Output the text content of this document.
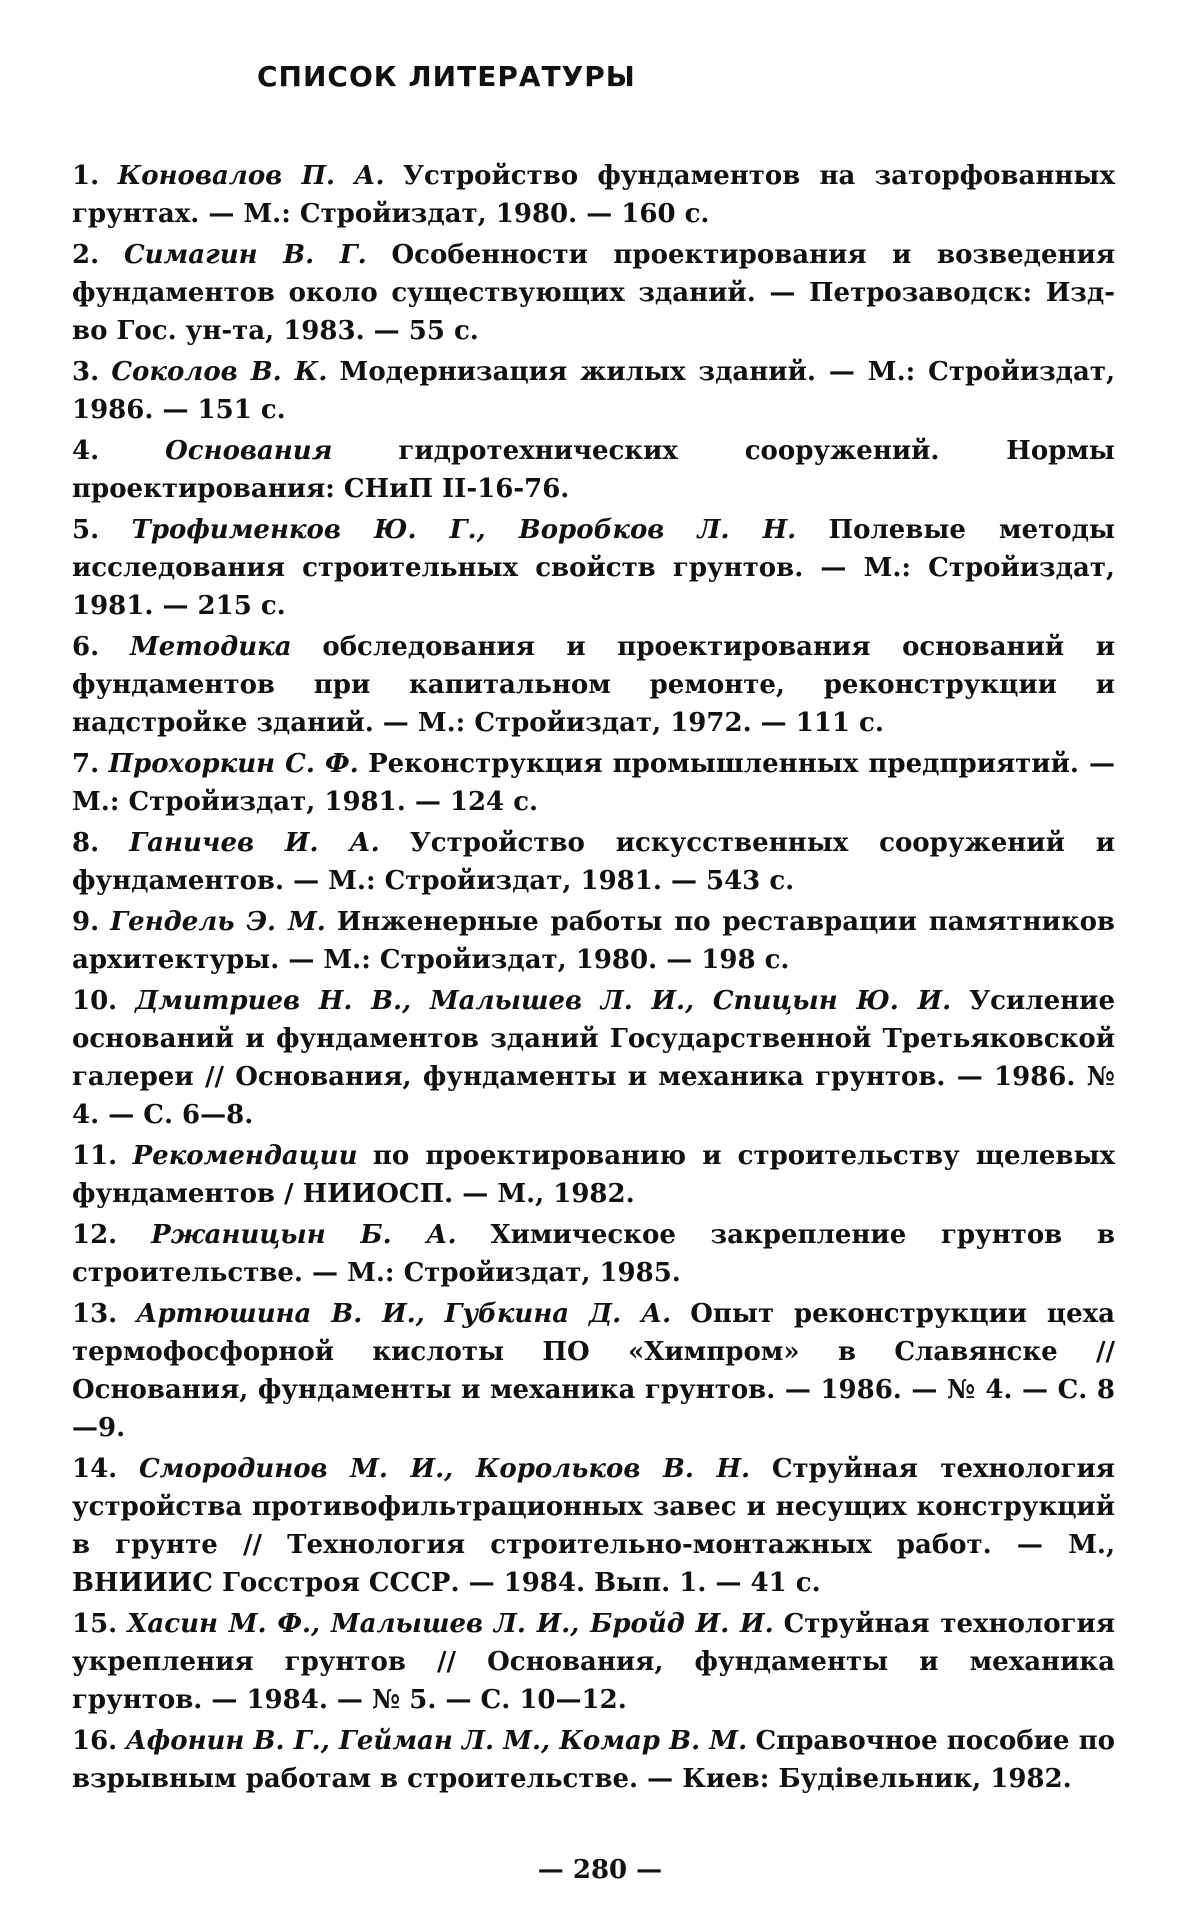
СПИСОК ЛИТЕРАТУРЫ
1. Коновалов П. А. Устройство фундаментов на заторфованных грунтах. — М.: Стройиздат, 1980. — 160 с.
2. Симагин В. Г. Особенности проектирования и возведения фундаментов около существующих зданий. — Петрозаводск: Изд-во Гос. ун-та, 1983. — 55 с.
3. Соколов В. К. Модернизация жилых зданий. — М.: Стройиздат, 1986. — 151 с.
4.	Основания	гидротехнических сооружений. Нормы проектирования: СНиП II-16-76.
5. Трофименков Ю. Г., Воробков Л. Н. Полевые методы исследования строительных свойств грунтов. — М.: Стройиздат, 1981. — 215 с.
6. Методика обследования и проектирования оснований и фундаментов при капитальном ремонте, реконструкции и надстройке зданий. — М.: Стройиздат, 1972. — 111 с.
7. Прохоркин С. Ф. Реконструкция промышленных предприятий. — М.: Стройиздат, 1981. — 124 с.
8. Ганичев И. А. Устройство искусственных сооружений и фундаментов. — М.: Стройиздат, 1981. — 543 с.
9. Гендель Э. М. Инженерные работы по реставрации памятников архитектуры. — М.: Стройиздат, 1980. — 198 с.
10. Дмитриев Н. В., Малышев Л. И., Спицын Ю. И. Усиление оснований и фундаментов зданий Государственной Третьяковской галереи // Основания, фундаменты и механика грунтов. — 1986. № 4. — С. 6—8.
11. Рекомендации по проектированию и строительству щелевых фундаментов / НИИОСП. — М., 1982.
12. Ржаницын Б. А. Химическое закрепление грунтов в строительстве. — М.: Стройиздат, 1985.
13. Артюшина В. И., Губкина Д. А. Опыт реконструкции цеха термофосфорной кислоты ПО «Химпром» в Славянске // Основания, фундаменты и механика грунтов. — 1986. — № 4. — С. 8—9.
14. Смородинов М. И., Корольков В. Н. Струйная технология устройства противофильтрационных завес и несущих конструкций в грунте // Технология строительно-монтажных работ. — М., ВНИИИС Госстроя СССР. — 1984. Вып. 1. — 41 с.
15. Хасин М. Ф., Малышев Л. И., Бройд И. И. Струйная технология укрепления грунтов // Основания, фундаменты и механика грунтов. — 1984. — № 5. — С. 10—12.
16. Афонин В. Г., Гейман Л. М., Комар В. М. Справочное пособие по взрывным работам в строительстве. — Киев: Будівельник, 1982.
— 280 —
